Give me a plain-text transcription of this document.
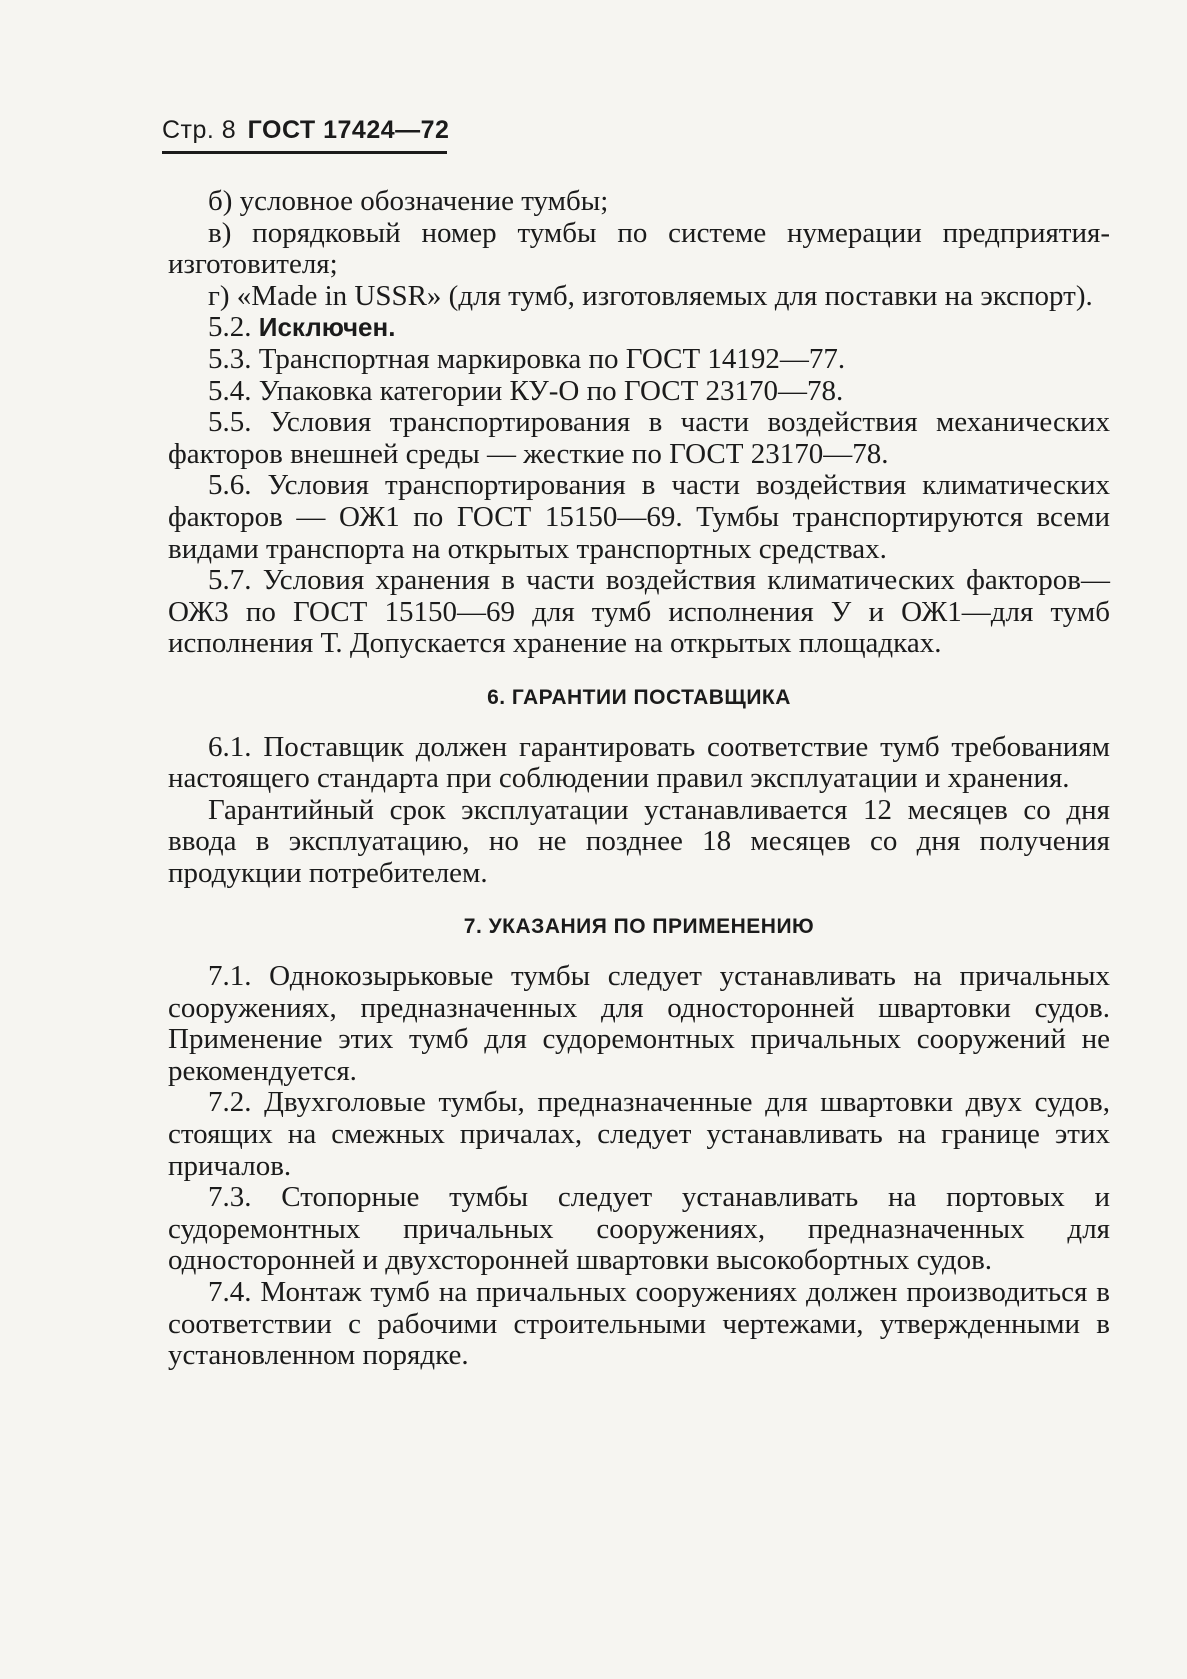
Стр. 8 ГОСТ 17424—72

б) условное обозначение тумбы;

в) порядковый номер тумбы по системе нумерации предприятия-изготовителя;

г) «Made in USSR» (для тумб, изготовляемых для поставки на экспорт).

5.2. Исключен.

5.3. Транспортная маркировка по ГОСТ 14192—77.

5.4. Упаковка категории КУ-О по ГОСТ 23170—78.

5.5. Условия транспортирования в части воздействия механических факторов внешней среды — жесткие по ГОСТ 23170—78.

5.6. Условия транспортирования в части воздействия климатических факторов — ОЖ1 по ГОСТ 15150—69. Тумбы транспортируются всеми видами транспорта на открытых транспортных средствах.

5.7. Условия хранения в части воздействия климатических факторов—ОЖ3 по ГОСТ 15150—69 для тумб исполнения У и ОЖ1—для тумб исполнения Т. Допускается хранение на открытых площадках.

6. ГАРАНТИИ ПОСТАВЩИКА

6.1. Поставщик должен гарантировать соответствие тумб требованиям настоящего стандарта при соблюдении правил эксплуатации и хранения.

Гарантийный срок эксплуатации устанавливается 12 месяцев со дня ввода в эксплуатацию, но не позднее 18 месяцев со дня получения продукции потребителем.

7. УКАЗАНИЯ ПО ПРИМЕНЕНИЮ

7.1. Однокозырьковые тумбы следует устанавливать на причальных сооружениях, предназначенных для односторонней швартовки судов. Применение этих тумб для судоремонтных причальных сооружений не рекомендуется.

7.2. Двухголовые тумбы, предназначенные для швартовки двух судов, стоящих на смежных причалах, следует устанавливать на границе этих причалов.

7.3. Стопорные тумбы следует устанавливать на портовых и судоремонтных причальных сооружениях, предназначенных для односторонней и двухсторонней швартовки высокобортных судов.

7.4. Монтаж тумб на причальных сооружениях должен производиться в соответствии с рабочими строительными чертежами, утвержденными в установленном порядке.
